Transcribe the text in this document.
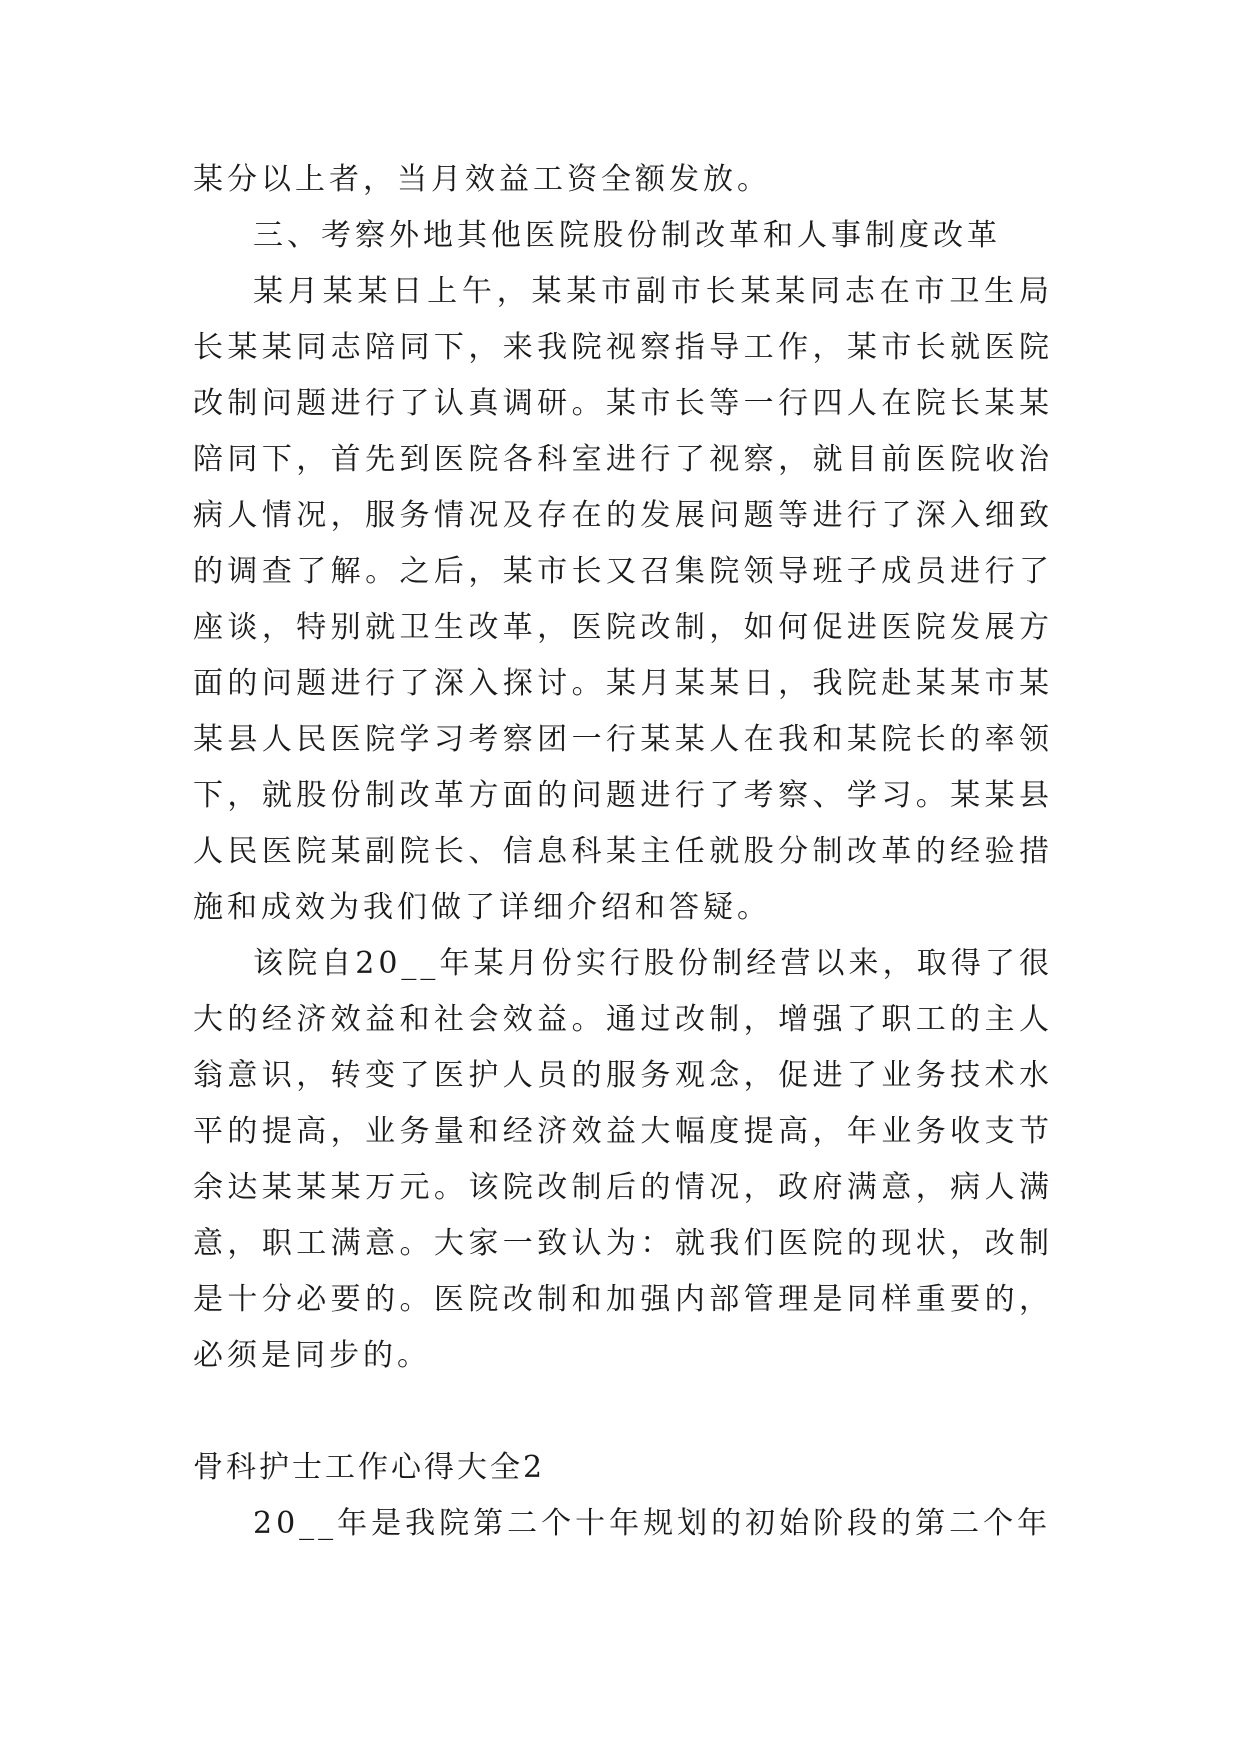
某分以上者，当月效益工资全额发放。

三、考察外地其他医院股份制改革和人事制度改革

某月某某日上午，某某市副市长某某同志在市卫生局长某某同志陪同下，来我院视察指导工作，某市长就医院改制问题进行了认真调研。某市长等一行四人在院长某某陪同下，首先到医院各科室进行了视察，就目前医院收治病人情况，服务情况及存在的发展问题等进行了深入细致的调查了解。之后，某市长又召集院领导班子成员进行了座谈，特别就卫生改革，医院改制，如何促进医院发展方面的问题进行了深入探讨。某月某某日，我院赴某某市某某县人民医院学习考察团一行某某人在我和某院长的率领下，就股份制改革方面的问题进行了考察、学习。某某县人民医院某副院长、信息科某主任就股分制改革的经验措施和成效为我们做了详细介绍和答疑。

该院自20__年某月份实行股份制经营以来，取得了很大的经济效益和社会效益。通过改制，增强了职工的主人翁意识，转变了医护人员的服务观念，促进了业务技术水平的提高，业务量和经济效益大幅度提高，年业务收支节余达某某某万元。该院改制后的情况，政府满意，病人满意，职工满意。大家一致认为：就我们医院的现状，改制是十分必要的。医院改制和加强内部管理是同样重要的，必须是同步的。

骨科护士工作心得大全2

20__年是我院第二个十年规划的初始阶段的第二个年
